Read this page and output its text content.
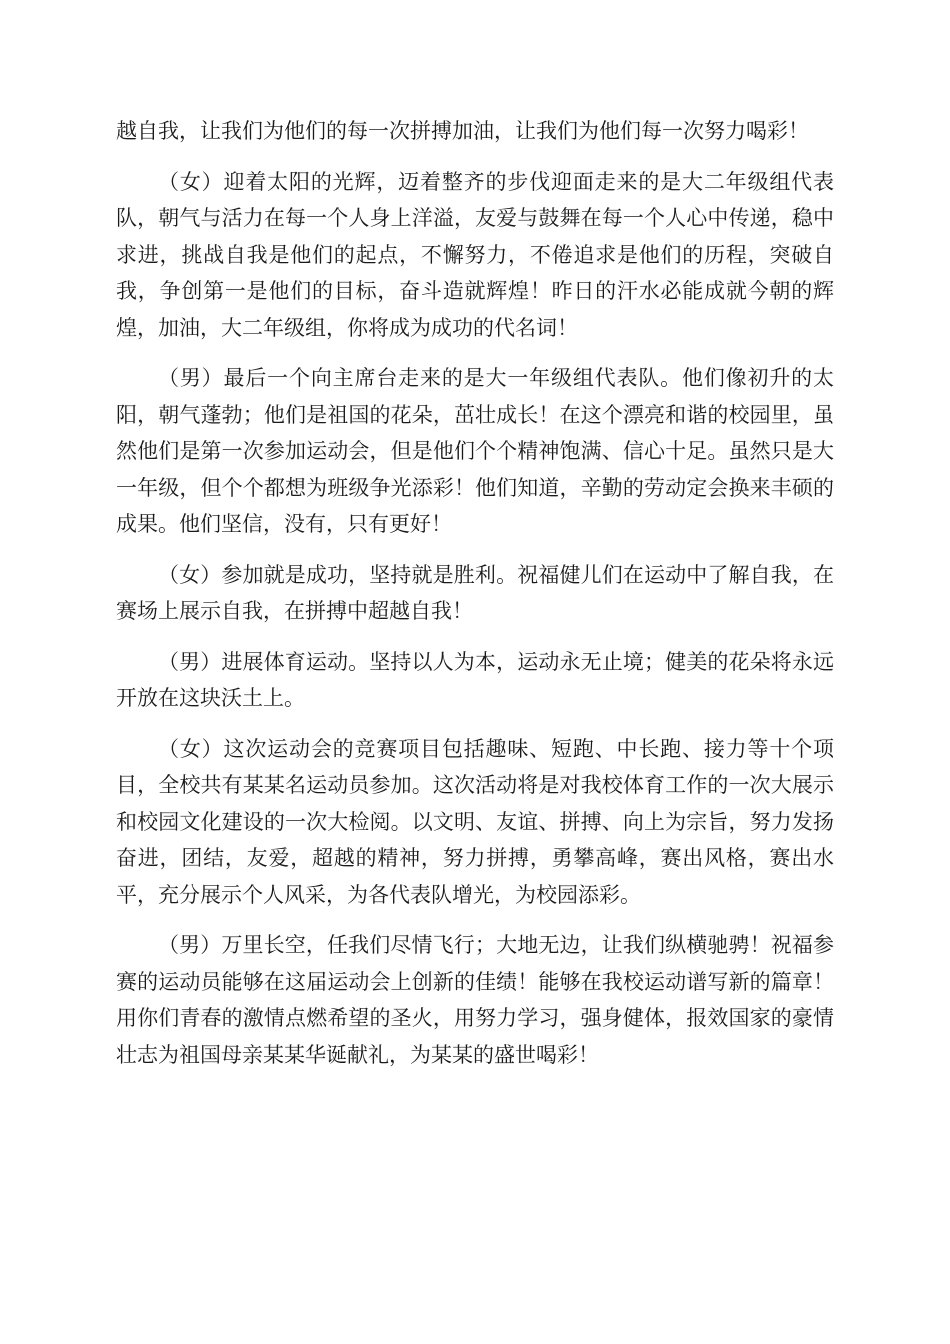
越自我，让我们为他们的每一次拼搏加油，让我们为他们每一次努力喝彩！

（女）迎着太阳的光辉，迈着整齐的步伐迎面走来的是大二年级组代表队，朝气与活力在每一个人身上洋溢，友爱与鼓舞在每一个人心中传递，稳中求进，挑战自我是他们的起点，不懈努力，不倦追求是他们的历程，突破自我，争创第一是他们的目标，奋斗造就辉煌！昨日的汗水必能成就今朝的辉煌，加油，大二年级组，你将成为成功的代名词！

（男）最后一个向主席台走来的是大一年级组代表队。他们像初升的太阳，朝气蓬勃；他们是祖国的花朵，茁壮成长！在这个漂亮和谐的校园里，虽然他们是第一次参加运动会，但是他们个个精神饱满、信心十足。虽然只是大一年级，但个个都想为班级争光添彩！他们知道，辛勤的劳动定会换来丰硕的成果。他们坚信，没有，只有更好！

（女）参加就是成功，坚持就是胜利。祝福健儿们在运动中了解自我，在赛场上展示自我，在拼搏中超越自我！

（男）进展体育运动。坚持以人为本，运动永无止境；健美的花朵将永远开放在这块沃土上。

（女）这次运动会的竞赛项目包括趣味、短跑、中长跑、接力等十个项目，全校共有某某名运动员参加。这次活动将是对我校体育工作的一次大展示和校园文化建设的一次大检阅。以文明、友谊、拼搏、向上为宗旨，努力发扬奋进，团结，友爱，超越的精神，努力拼搏，勇攀高峰，赛出风格，赛出水平，充分展示个人风采，为各代表队增光，为校园添彩。

（男）万里长空，任我们尽情飞行；大地无边，让我们纵横驰骋！祝福参赛的运动员能够在这届运动会上创新的佳绩！能够在我校运动谱写新的篇章！用你们青春的激情点燃希望的圣火，用努力学习，强身健体，报效国家的豪情壮志为祖国母亲某某华诞献礼，为某某的盛世喝彩！
